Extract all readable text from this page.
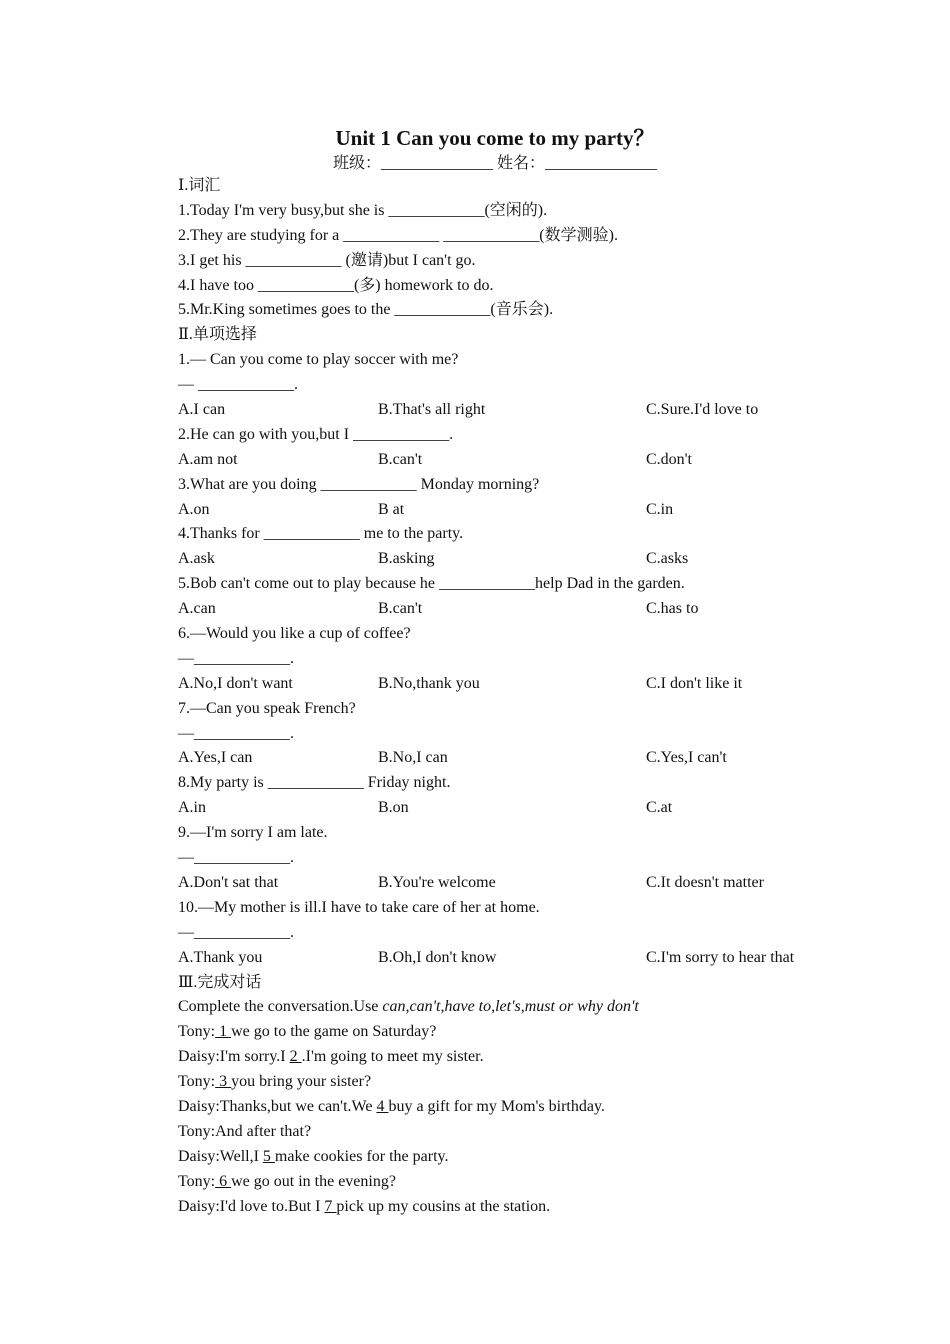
Unit 1 Can you come to my party？
班级：______________ 姓名：______________
Ⅰ.词汇
1.Today I'm very busy,but she is ____________(空闲的).
2.They are studying for a ____________ ____________(数学测验).
3.I get his ____________ (邀请)but I can't go.
4.I have too ____________(多) homework to do.
5.Mr.King sometimes goes to the ____________(音乐会).
Ⅱ.单项选择
1.— Can you come to play soccer with me?
— ____________.
A.I can	B.That's all right	C.Sure.I'd love to
2.He can go with you,but I ____________.
A.am not	B.can't	C.don't
3.What are you doing ____________ Monday morning?
A.on	B at	C.in
4.Thanks for ____________ me to the party.
A.ask	B.asking	C.asks
5.Bob can't come out to play because he ____________help Dad in the garden.
A.can	B.can't	C.has to
6.—Would you like a cup of coffee?
—____________.
A.No,I don't want	B.No,thank you	C.I don't like it
7.—Can you speak French?
—____________.
A.Yes,I can	B.No,I can	C.Yes,I can't
8.My party is ____________ Friday night.
A.in	B.on	C.at
9.—I'm sorry I am late.
—____________.
A.Don't sat that	B.You're welcome	C.It doesn't matter
10.—My mother is ill.I have to take care of her at home.
—____________.
A.Thank you	B.Oh,I don't know	C.I'm sorry to hear that
Ⅲ.完成对话
Complete the conversation.Use can,can't,have to,let's,must or why don't
Tony: 1 we go to the game on Saturday?
Daisy:I'm sorry.I 2 .I'm going to meet my sister.
Tony: 3 you bring your sister?
Daisy:Thanks,but we can't.We 4 buy a gift for my Mom's birthday.
Tony:And after that?
Daisy:Well,I 5 make cookies for the party.
Tony: 6 we go out in the evening?
Daisy:I'd love to.But I 7 pick up my cousins at the station.
